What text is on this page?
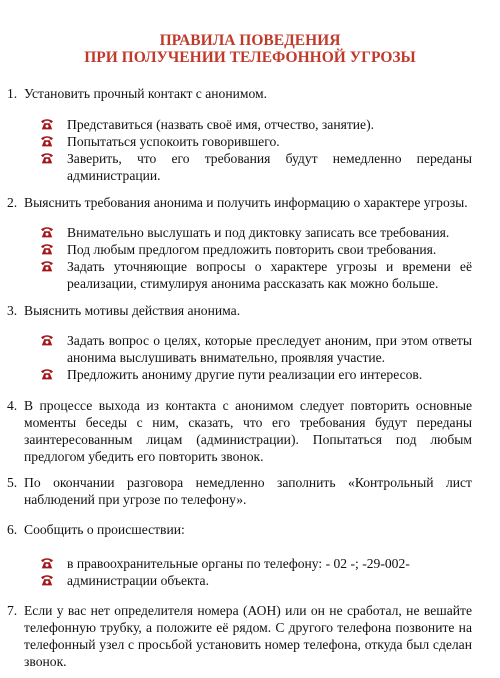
ПРАВИЛА ПОВЕДЕНИЯ
ПРИ ПОЛУЧЕНИИ ТЕЛЕФОННОЙ УГРОЗЫ
1. Установить прочный контакт с анонимом.
Представиться (назвать своё имя, отчество, занятие).
Попытаться успокоить говорившего.
Заверить, что его требования будут немедленно переданы администрации.
2. Выяснить требования анонима и получить информацию о характере угрозы.
Внимательно выслушать и под диктовку записать все требования.
Под любым предлогом предложить повторить свои требования.
Задать уточняющие вопросы о характере угрозы и времени её реализации, стимулируя анонима рассказать как можно больше.
3. Выяснить мотивы действия анонима.
Задать вопрос о целях, которые преследует аноним, при этом ответы анонима выслушивать внимательно, проявляя участие.
Предложить анониму другие пути реализации его интересов.
4. В процессе выхода из контакта с анонимом следует повторить основные моменты беседы с ним, сказать, что его требования будут переданы заинтересованным лицам (администрации). Попытаться под любым предлогом убедить его повторить звонок.
5. По окончании разговора немедленно заполнить «Контрольный лист наблюдений при угрозе по телефону».
6. Сообщить о происшествии:
в правоохранительные органы по телефону: - 02 -; -29-002-
администрации объекта.
7. Если у вас нет определителя номера (АОН) или он не сработал, не вешайте телефонную трубку, а положите её рядом. С другого телефона позвоните на телефонный узел с просьбой установить номер телефона, откуда был сделан звонок.
